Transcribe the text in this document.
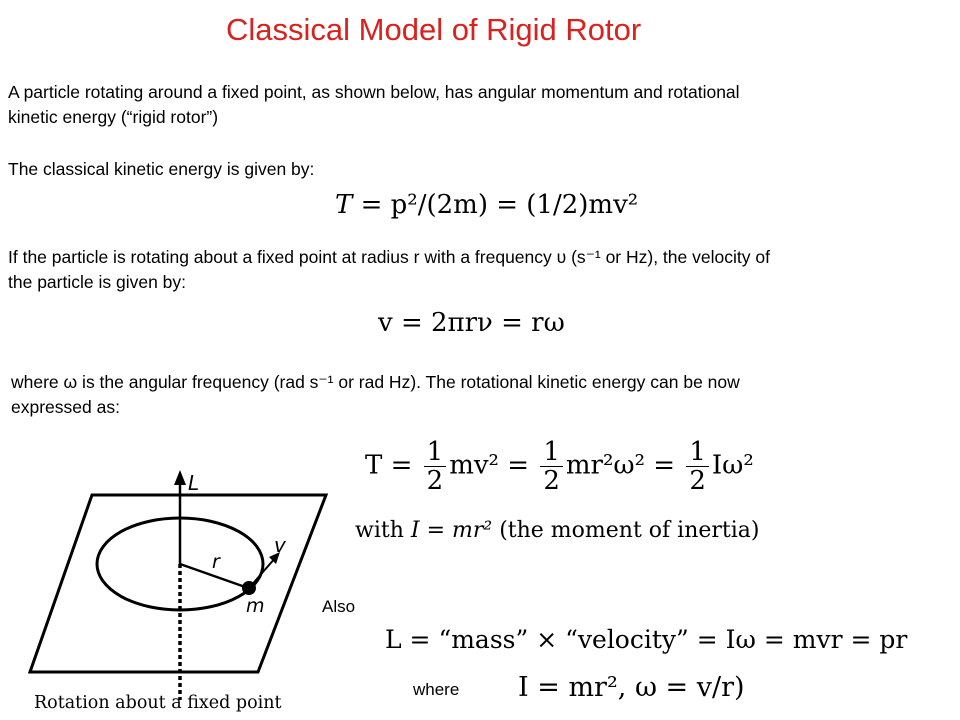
Classical Model of Rigid Rotor
A particle rotating around a fixed point, as shown below, has angular momentum and rotational
kinetic energy (“rigid rotor”)
The classical kinetic energy is given by:
T = p²/(2m) = (1/2)mv²
If the particle is rotating about a fixed point at radius r with a frequency υ (s⁻¹ or Hz), the velocity of
the particle is given by:
v = 2πrν = rω
where ω is the angular frequency (rad s⁻¹ or rad Hz). The rotational kinetic energy can be now
expressed as:
$T = \frac{1}{2} mv^2 = \frac{1}{2} mr^2\omega^2 = \frac{1}{2} I\omega^2$
with I = mr² (the moment of inertia)
Also
L = “mass” × “velocity” = Iω = mvr = pr
where I = mr², ω = v/r)
L
v
r
m
Rotation about a fixed point
